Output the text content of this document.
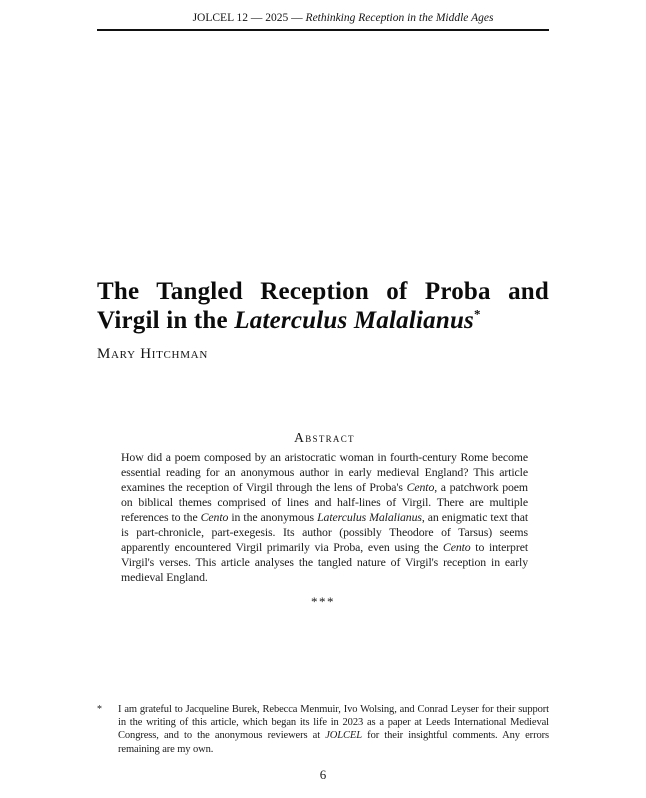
JOLCEL 12 — 2025 — Rethinking Reception in the Middle Ages
The Tangled Reception of Proba and
Virgil in the Laterculus Malalianus*
Mary Hitchman
Abstract
How did a poem composed by an aristocratic woman in fourth-century Rome become essential reading for an anonymous author in early medieval England? This article examines the reception of Virgil through the lens of Proba's Cento, a patchwork poem on biblical themes comprised of lines and half-lines of Virgil. There are multiple references to the Cento in the anonymous Laterculus Malalianus, an enigmatic text that is part-chronicle, part-exegesis. Its author (possibly Theodore of Tarsus) seems apparently encountered Virgil primarily via Proba, even using the Cento to interpret Virgil's verses. This article analyses the tangled nature of Virgil's reception in early medieval England.
***
* I am grateful to Jacqueline Burek, Rebecca Menmuir, Ivo Wolsing, and Conrad Leyser for their support in the writing of this article, which began its life in 2023 as a paper at Leeds International Medieval Congress, and to the anonymous reviewers at JOLCEL for their insightful comments. Any errors remaining are my own.
6
